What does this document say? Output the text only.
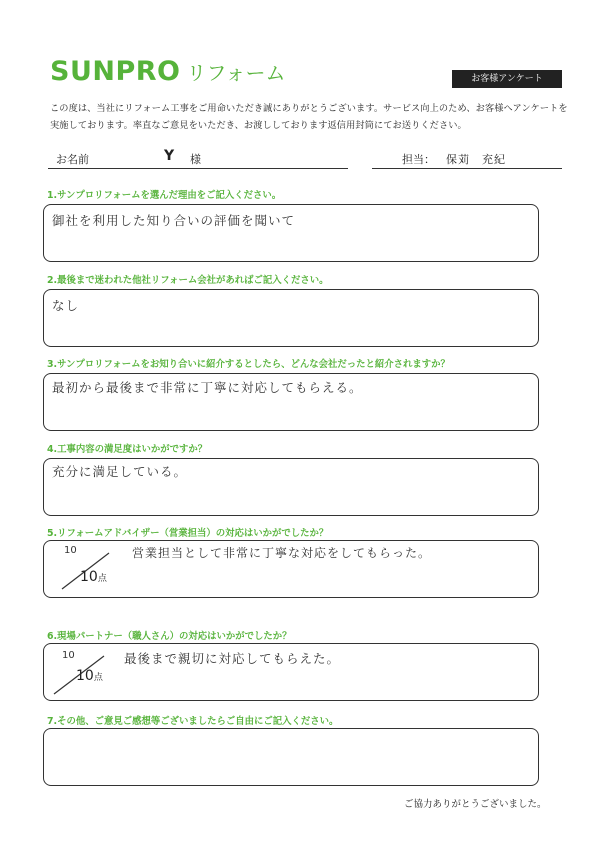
SUNPRO リフォーム	お客様アンケート
この度は、当社にリフォーム工事をご用命いただき誠にありがとうございます。サービス向上のため、お客様へアンケートを実施しております。率直なご意見をいただき、お渡ししております返信用封筒にてお送りください。
お名前	Y 様	担当： 保苅　充紀
1.サンプロリフォームを選んだ理由をご記入ください。
御社を利用した知り合いの評価を聞いて
2.最後まで迷われた他社リフォーム会社があればご記入ください。
なし
3.サンプロリフォームをお知り合いに紹介するとしたら、どんな会社だったと紹介されますか？
最初から最後まで非常に丁寧に対応してもらえる。
4.工事内容の満足度はいかがですか？
充分に満足している。
5.リフォームアドバイザー（営業担当）の対応はいかがでしたか？
10
10点
営業担当として非常に丁寧な対応をしてもらった。
6.現場パートナー（職人さん）の対応はいかがでしたか？
10
10点
最後まで親切に対応してもらえた。
7.その他、ご意見ご感想等ございましたらご自由にご記入ください。
ご協力ありがとうございました。
